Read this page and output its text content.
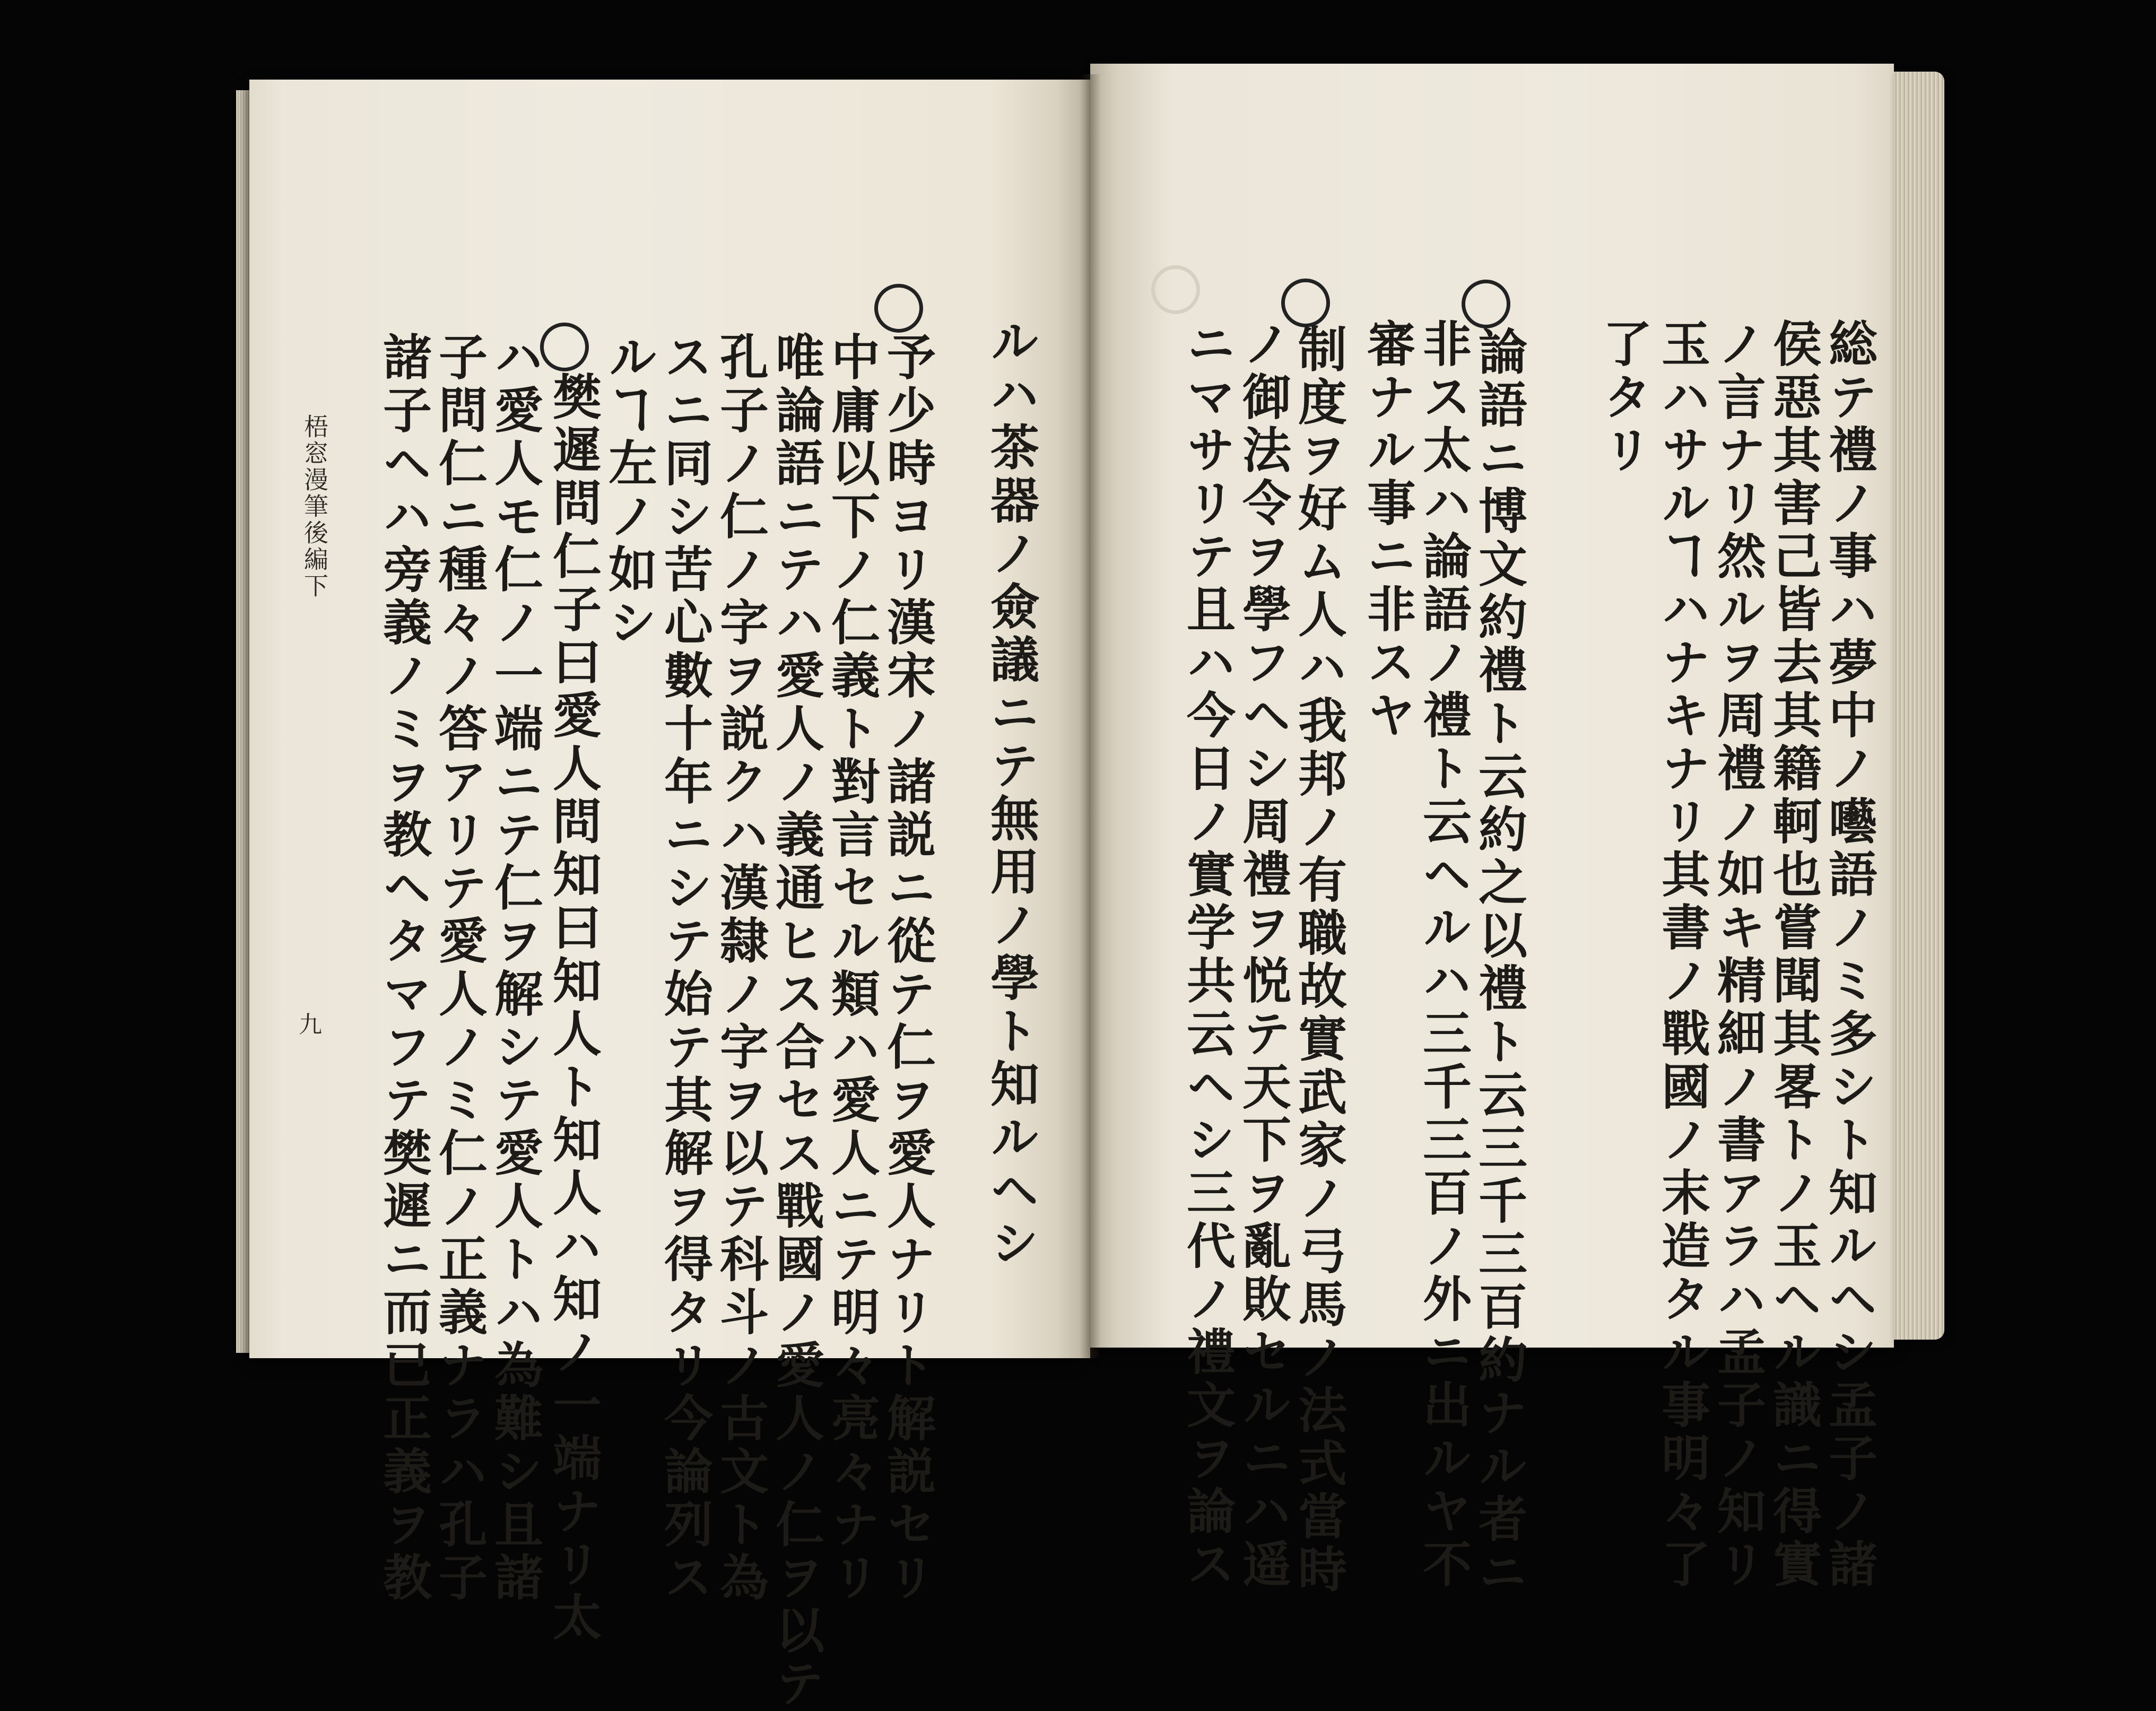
ルハ茶器ノ僉議ニテ無用ノ學ト知ルヘシ
予少時ヨリ漢宋ノ諸説ニ從テ仁ヲ愛人ナリト解説セリ
中庸以下ノ仁義ト對言セル類ハ愛人ニテ明々亮々ナリ
唯論語ニテハ愛人ノ義通ヒス合セス戰國ノ愛人ノ仁ヲ以テ
孔子ノ仁ノ字ヲ説クハ漢隸ノ字ヲ以テ科斗ノ古文ト為
スニ同シ苦心數十年ニシテ始テ其解ヲ得タリ今論列ス
ルヿ左ノ如シ
樊遲問仁子曰愛人問知曰知人ト知人ハ知ノ一端ナリ太
ハ愛人モ仁ノ一端ニテ仁ヲ解シテ愛人トハ為難シ且諸
子問仁ニ種々ノ答アリテ愛人ノミ仁ノ正義ナラハ孔子
諸子ヘハ旁義ノミヲ教ヘタマフテ樊遲ニ而已正義ヲ教
梧窓漫筆後編下
九	総テ禮ノ事ハ夢中ノ囈語ノミ多シト知ルヘシ孟子ノ諸
侯惡其害己皆去其籍軻也嘗聞其畧トノ玉ヘル識ニ得實
ノ言ナリ然ルヲ周禮ノ如キ精細ノ書アラハ孟子ノ知リ
玉ハサルヿハナキナリ其書ノ戰國ノ末造タル事明々了
了タリ
論語ニ博文約禮ト云約之以禮ト云三千三百約ナル者ニ
非ス太ハ論語ノ禮ト云ヘルハ三千三百ノ外ニ出ルヤ不
審ナル事ニ非スヤ
制度ヲ好ム人ハ我邦ノ有職故實武家ノ弓馬ノ法式當時
ノ御法令ヲ學フヘシ周禮ヲ悦テ天下ヲ亂敗セルニハ遥
ニマサリテ且ハ今日ノ實学共云ヘシ三代ノ禮文ヲ論ス
